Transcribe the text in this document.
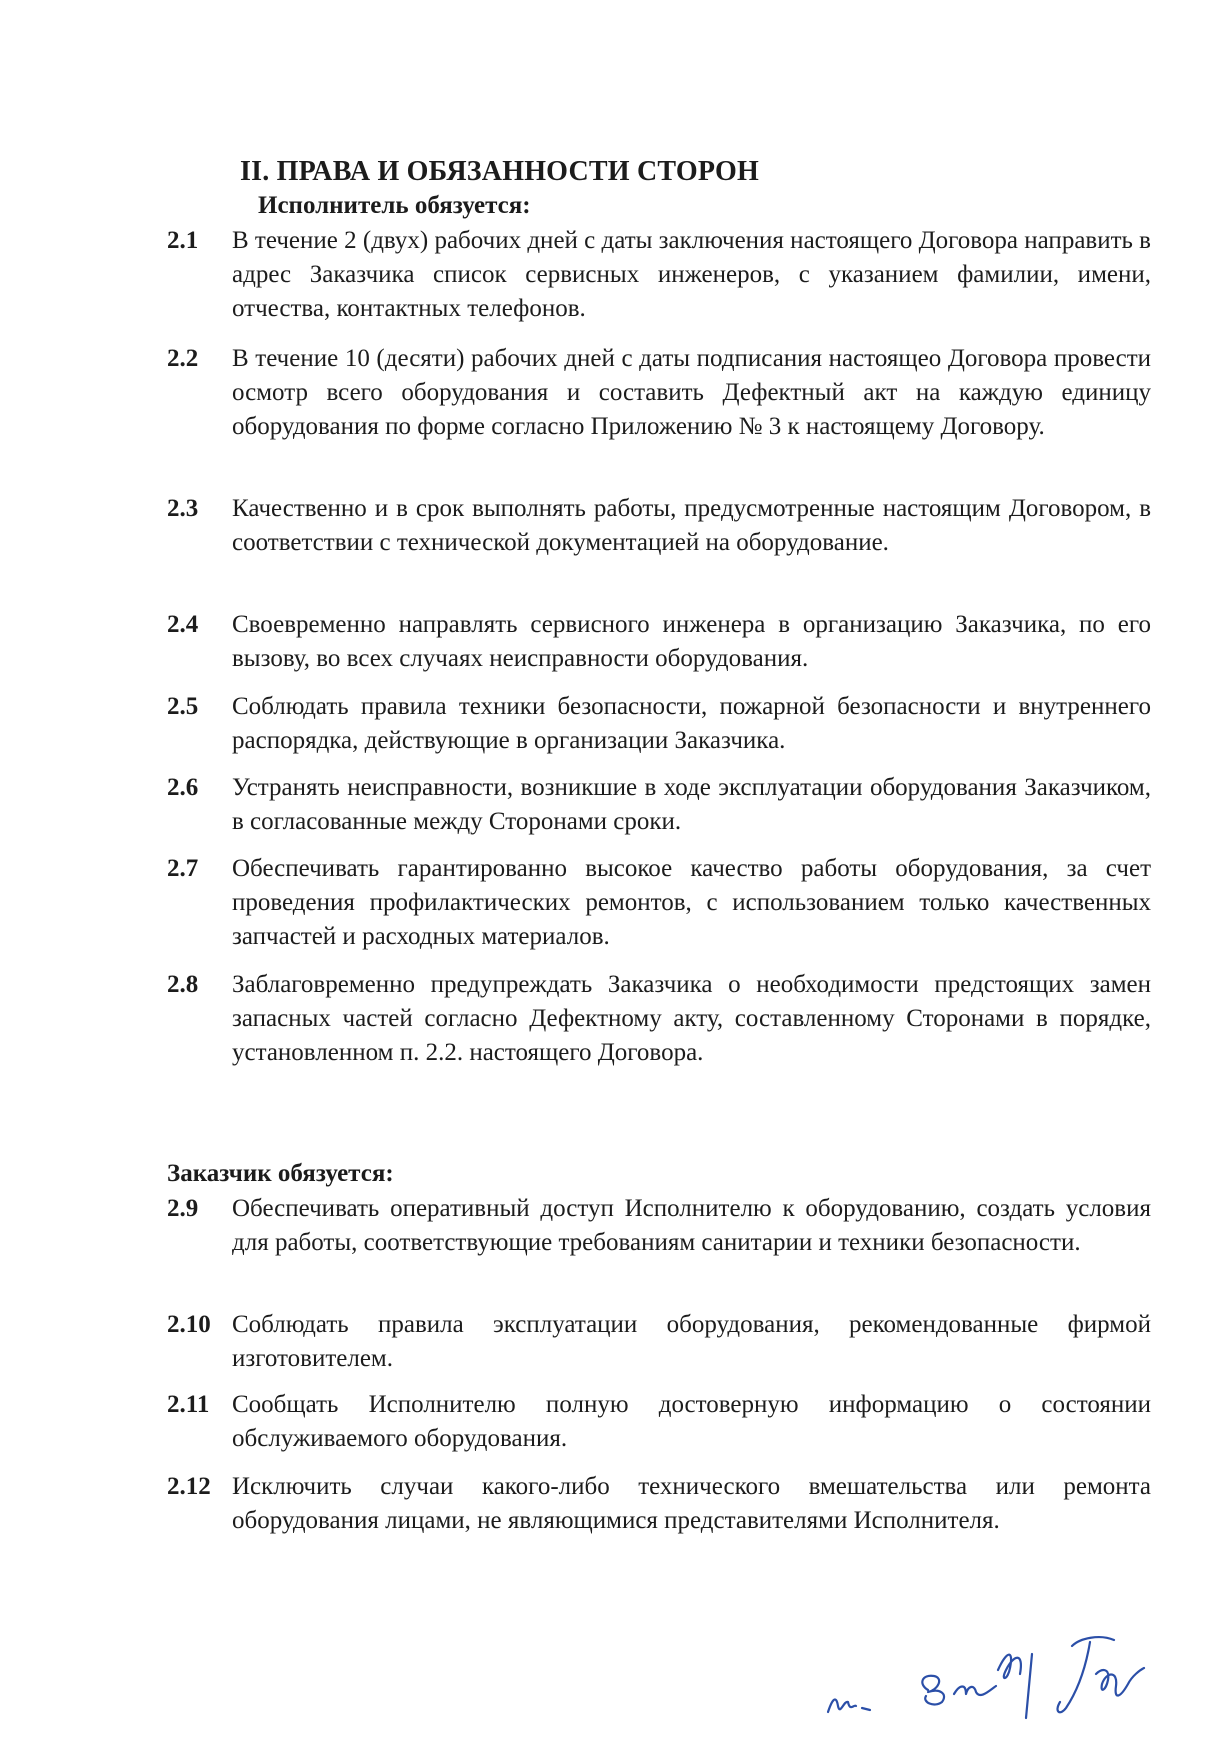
II. ПРАВА И ОБЯЗАННОСТИ СТОРОН
Исполнитель обязуется:
2.1	В течение 2 (двух) рабочих дней с даты заключения настоящего Договора направить в адрес Заказчика список сервисных инженеров, с указанием фамилии, имени, отчества, контактных телефонов.
2.2	В течение 10 (десяти) рабочих дней с даты подписания настоящео Договора провести осмотр всего оборудования и составить Дефектный акт на каждую единицу оборудования по форме согласно Приложению № 3 к настоящему Договору.
2.3	Качественно и в срок выполнять работы, предусмотренные настоящим Договором, в соответствии с технической документацией на оборудование.
2.4	Своевременно направлять сервисного инженера в организацию Заказчика, по его вызову, во всех случаях неисправности оборудования.
2.5	Соблюдать правила техники безопасности, пожарной безопасности и внутреннего распорядка, действующие в организации Заказчика.
2.6	Устранять неисправности, возникшие в ходе эксплуатации оборудования Заказчиком, в согласованные между Сторонами сроки.
2.7	Обеспечивать гарантированно высокое качество работы оборудования, за счет проведения профилактических ремонтов, с использованием только качественных запчастей и расходных материалов.
2.8	Заблаговременно предупреждать Заказчика о необходимости предстоящих замен запасных частей согласно Дефектному акту, составленному Сторонами в порядке, установленном п. 2.2. настоящего Договора.
Заказчик обязуется:
2.9	Обеспечивать оперативный доступ Исполнителю к оборудованию, создать условия для работы, соответствующие требованиям санитарии и техники безопасности.
2.10 Соблюдать правила эксплуатации оборудования, рекомендованные фирмой изготовителем.
2.11 Сообщать Исполнителю полную достоверную информацию о состоянии обслуживаемого оборудования.
2.12 Исключить случаи какого-либо технического вмешательства или ремонта оборудования лицами, не являющимися представителями Исполнителя.
